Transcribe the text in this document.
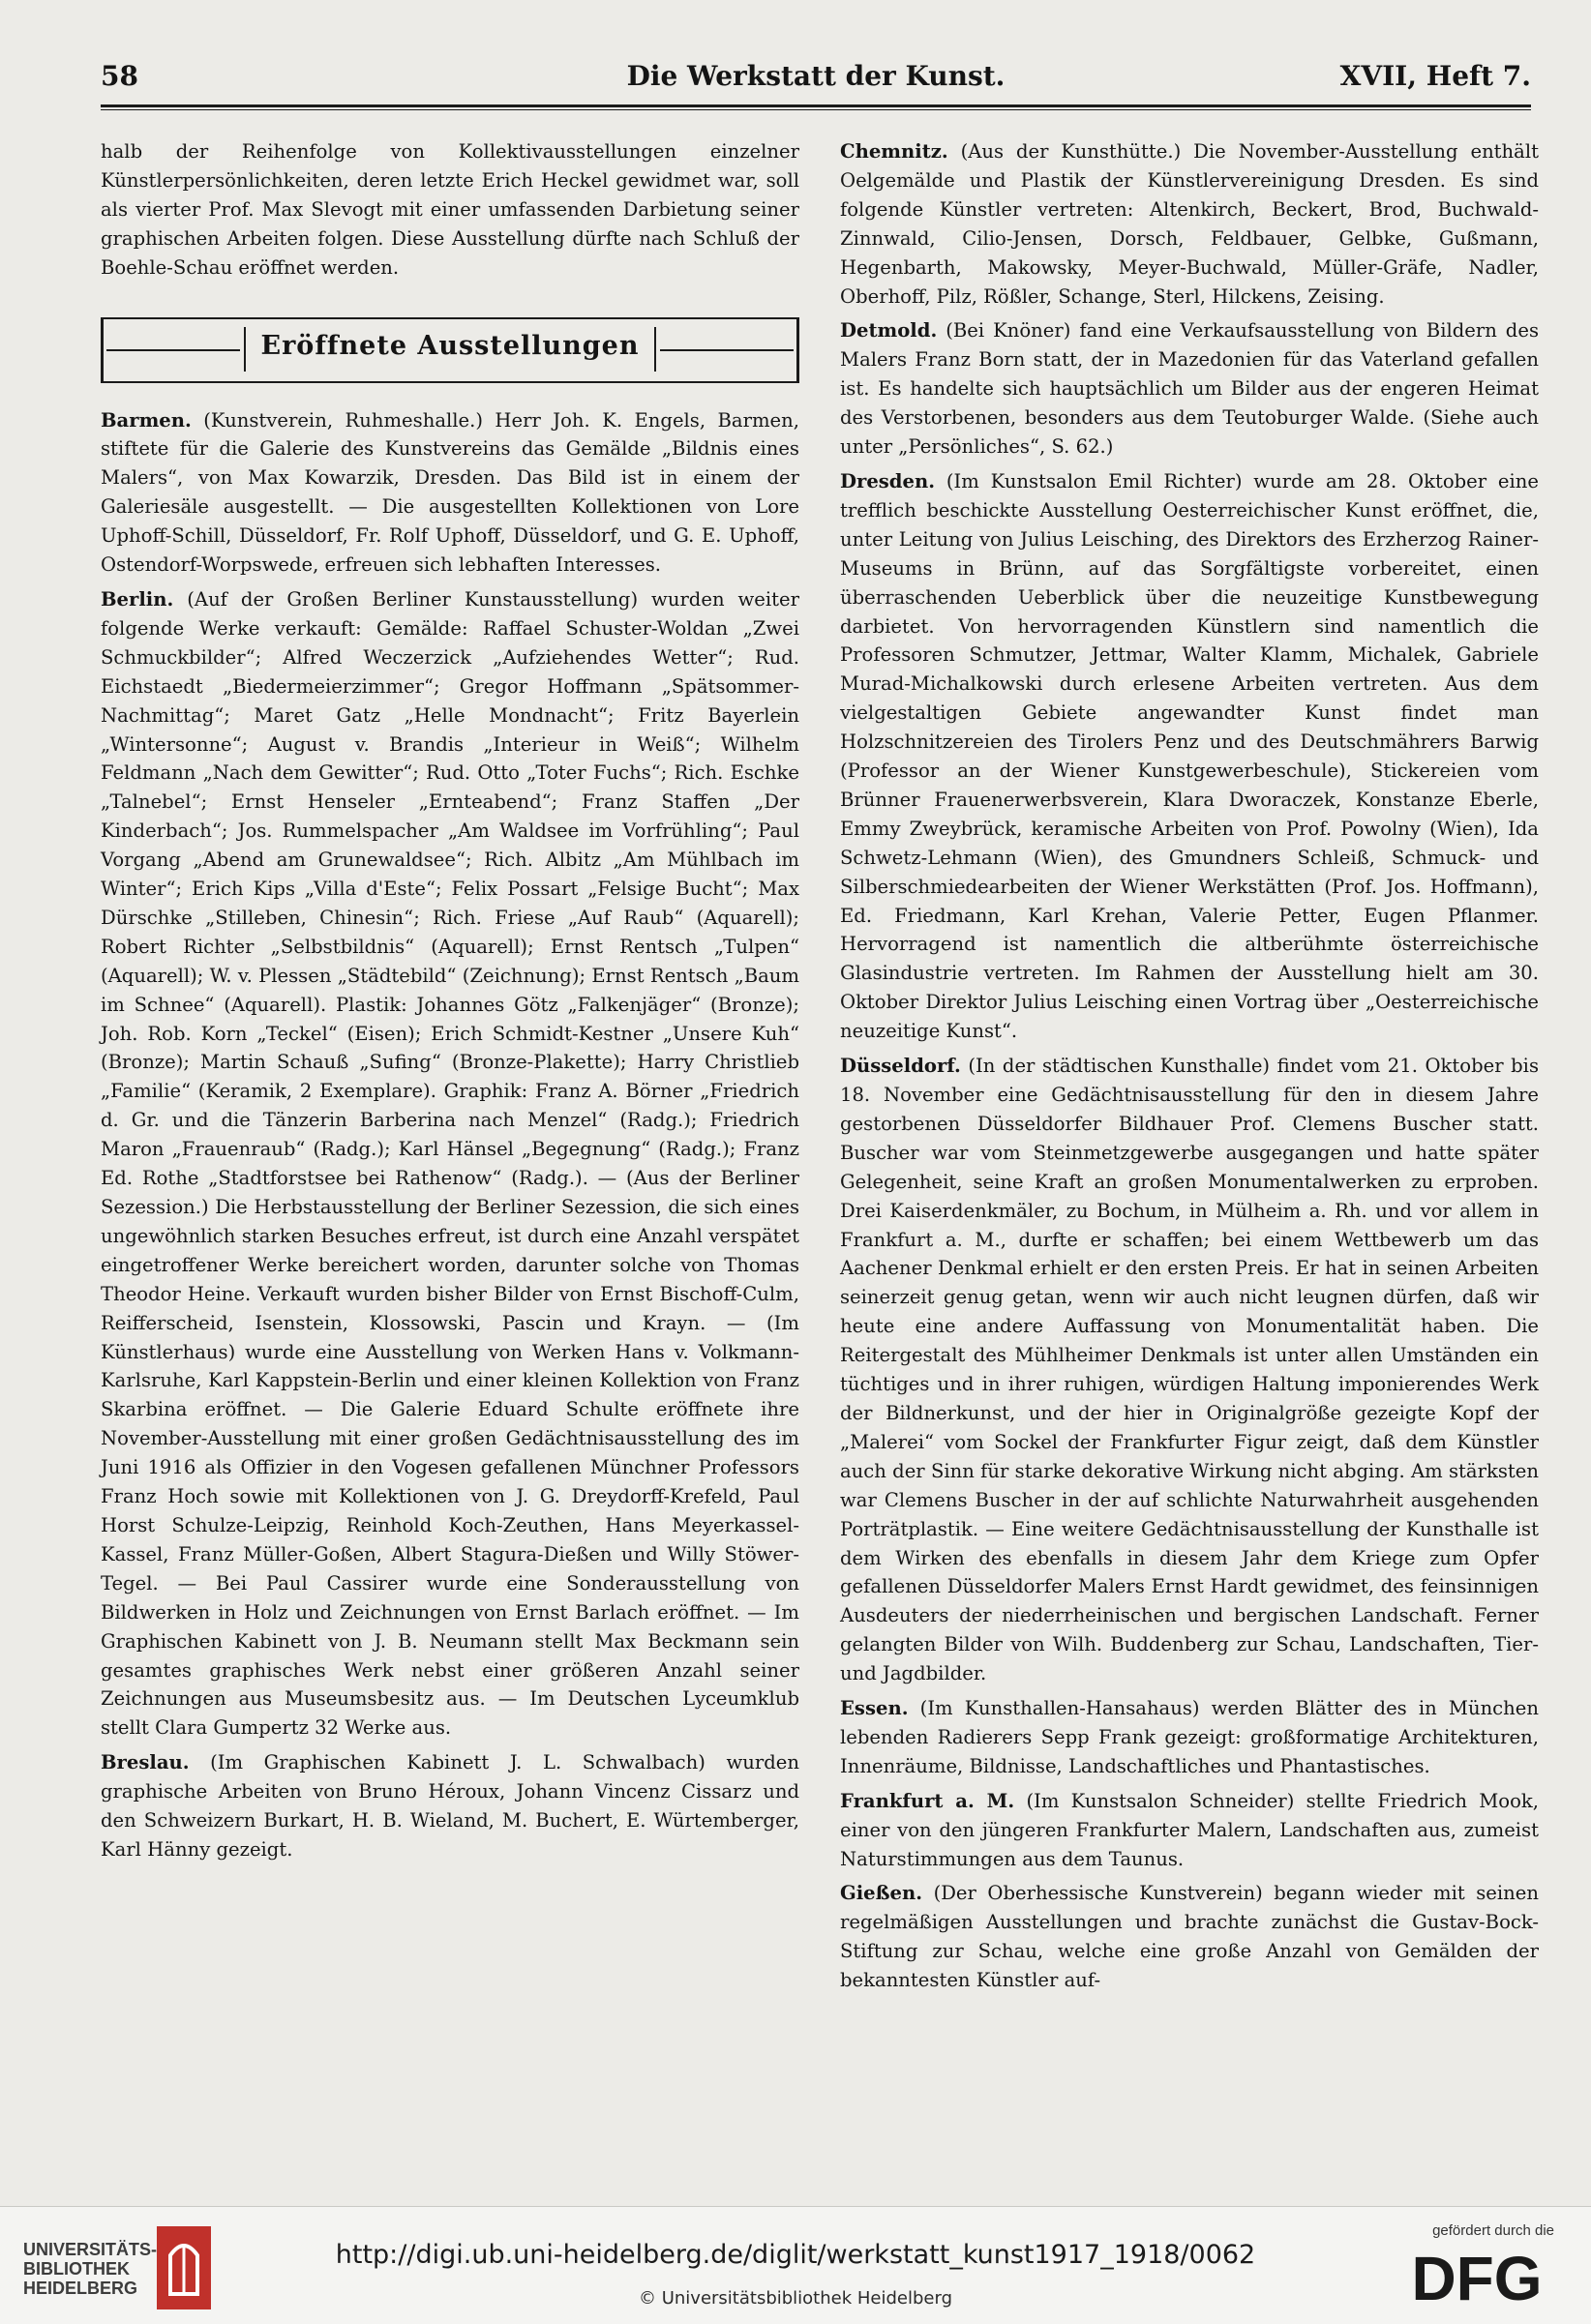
58	Die Werkstatt der Kunst.	XVII, Heft 7.

halb der Reihenfolge von Kollektivausstellungen einzelner Künstlerpersönlichkeiten, deren letzte Erich Heckel gewidmet war, soll als vierter Prof. Max Slevogt mit einer umfassenden Darbietung seiner graphischen Arbeiten folgen. Diese Ausstellung dürfte nach Schluß der Boehle-Schau eröffnet werden.

Eröffnete Ausstellungen

Barmen. (Kunstverein, Ruhmeshalle.) Herr Joh. K. Engels, Barmen, stiftete für die Galerie des Kunstvereins das Gemälde „Bildnis eines Malers“, von Max Kowarzik, Dresden. Das Bild ist in einem der Galeriesäle ausgestellt. — Die ausgestellten Kollektionen von Lore Uphoff-Schill, Düsseldorf, Fr. Rolf Uphoff, Düsseldorf, und G. E. Uphoff, Ostendorf-Worpswede, erfreuen sich lebhaften Interesses.

Berlin. (Auf der Großen Berliner Kunstausstellung) wurden weiter folgende Werke verkauft: Gemälde: Raffael Schuster-Woldan „Zwei Schmuckbilder“; Alfred Weczerzick „Aufziehendes Wetter“; Rud. Eichstaedt „Biedermeierzimmer“; Gregor Hoffmann „Spätsommer-Nachmittag“; Maret Gatz „Helle Mondnacht“; Fritz Bayerlein „Wintersonne“; August v. Brandis „Interieur in Weiß“; Wilhelm Feldmann „Nach dem Gewitter“; Rud. Otto „Toter Fuchs“; Rich. Eschke „Talnebel“; Ernst Henseler „Ernteabend“; Franz Staffen „Der Kinderbach“; Jos. Rummelspacher „Am Waldsee im Vorfrühling“; Paul Vorgang „Abend am Grunewaldsee“; Rich. Albitz „Am Mühlbach im Winter“; Erich Kips „Villa d'Este“; Felix Possart „Felsige Bucht“; Max Dürschke „Stilleben, Chinesin“; Rich. Friese „Auf Raub“ (Aquarell); Robert Richter „Selbstbildnis“ (Aquarell); Ernst Rentsch „Tulpen“ (Aquarell); W. v. Plessen „Städtebild“ (Zeichnung); Ernst Rentsch „Baum im Schnee“ (Aquarell). Plastik: Johannes Götz „Falkenjäger“ (Bronze); Joh. Rob. Korn „Teckel“ (Eisen); Erich Schmidt-Kestner „Unsere Kuh“ (Bronze); Martin Schauß „Sufing“ (Bronze-Plakette); Harry Christlieb „Familie“ (Keramik, 2 Exemplare). Graphik: Franz A. Börner „Friedrich d. Gr. und die Tänzerin Barberina nach Menzel“ (Radg.); Friedrich Maron „Frauenraub“ (Radg.); Karl Hänsel „Begegnung“ (Radg.); Franz Ed. Rothe „Stadtforstsee bei Rathenow“ (Radg.). — (Aus der Berliner Sezession.) Die Herbstausstellung der Berliner Sezession, die sich eines ungewöhnlich starken Besuches erfreut, ist durch eine Anzahl verspätet eingetroffener Werke bereichert worden, darunter solche von Thomas Theodor Heine. Verkauft wurden bisher Bilder von Ernst Bischoff-Culm, Reifferscheid, Isenstein, Klossowski, Pascin und Krayn. — (Im Künstlerhaus) wurde eine Ausstellung von Werken Hans v. Volkmann-Karlsruhe, Karl Kappstein-Berlin und einer kleinen Kollektion von Franz Skarbina eröffnet. — Die Galerie Eduard Schulte eröffnete ihre November-Ausstellung mit einer großen Gedächtnisausstellung des im Juni 1916 als Offizier in den Vogesen gefallenen Münchner Professors Franz Hoch sowie mit Kollektionen von J. G. Dreydorff-Krefeld, Paul Horst Schulze-Leipzig, Reinhold Koch-Zeuthen, Hans Meyerkassel-Kassel, Franz Müller-Goßen, Albert Stagura-Dießen und Willy Stöwer-Tegel. — Bei Paul Cassirer wurde eine Sonderausstellung von Bildwerken in Holz und Zeichnungen von Ernst Barlach eröffnet. — Im Graphischen Kabinett von J. B. Neumann stellt Max Beckmann sein gesamtes graphisches Werk nebst einer größeren Anzahl seiner Zeichnungen aus Museumsbesitz aus. — Im Deutschen Lyceumklub stellt Clara Gumpertz 32 Werke aus.

Breslau. (Im Graphischen Kabinett J. L. Schwalbach) wurden graphische Arbeiten von Bruno Héroux, Johann Vincenz Cissarz und den Schweizern Burkart, H. B. Wieland, M. Buchert, E. Würtemberger, Karl Hänny gezeigt.

Chemnitz. (Aus der Kunsthütte.) Die November-Ausstellung enthält Oelgemälde und Plastik der Künstlervereinigung Dresden. Es sind folgende Künstler vertreten: Altenkirch, Beckert, Brod, Buchwald-Zinnwald, Cilio-Jensen, Dorsch, Feldbauer, Gelbke, Gußmann, Hegenbarth, Makowsky, Meyer-Buchwald, Müller-Gräfe, Nadler, Oberhoff, Pilz, Rößler, Schange, Sterl, Hilckens, Zeising.

Detmold. (Bei Knöner) fand eine Verkaufsausstellung von Bildern des Malers Franz Born statt, der in Mazedonien für das Vaterland gefallen ist. Es handelte sich hauptsächlich um Bilder aus der engeren Heimat des Verstorbenen, besonders aus dem Teutoburger Walde. (Siehe auch unter „Persönliches“, S. 62.)

Dresden. (Im Kunstsalon Emil Richter) wurde am 28. Oktober eine trefflich beschickte Ausstellung Oesterreichischer Kunst eröffnet, die, unter Leitung von Julius Leisching, des Direktors des Erzherzog Rainer-Museums in Brünn, auf das Sorgfältigste vorbereitet, einen überraschenden Ueberblick über die neuzeitige Kunstbewegung darbietet. Von hervorragenden Künstlern sind namentlich die Professoren Schmutzer, Jettmar, Walter Klamm, Michalek, Gabriele Murad-Michalkowski durch erlesene Arbeiten vertreten. Aus dem vielgestaltigen Gebiete angewandter Kunst findet man Holzschnitzereien des Tirolers Penz und des Deutschmährers Barwig (Professor an der Wiener Kunstgewerbeschule), Stickereien vom Brünner Frauenerwerbsverein, Klara Dworaczek, Konstanze Eberle, Emmy Zweybrück, keramische Arbeiten von Prof. Powolny (Wien), Ida Schwetz-Lehmann (Wien), des Gmundners Schleiß, Schmuck- und Silberschmiedearbeiten der Wiener Werkstätten (Prof. Jos. Hoffmann), Ed. Friedmann, Karl Krehan, Valerie Petter, Eugen Pflanmer. Hervorragend ist namentlich die altberühmte österreichische Glasindustrie vertreten. Im Rahmen der Ausstellung hielt am 30. Oktober Direktor Julius Leisching einen Vortrag über „Oesterreichische neuzeitige Kunst“.

Düsseldorf. (In der städtischen Kunsthalle) findet vom 21. Oktober bis 18. November eine Gedächtnisausstellung für den in diesem Jahre gestorbenen Düsseldorfer Bildhauer Prof. Clemens Buscher statt. Buscher war vom Steinmetzgewerbe ausgegangen und hatte später Gelegenheit, seine Kraft an großen Monumentalwerken zu erproben. Drei Kaiserdenkmäler, zu Bochum, in Mülheim a. Rh. und vor allem in Frankfurt a. M., durfte er schaffen; bei einem Wettbewerb um das Aachener Denkmal erhielt er den ersten Preis. Er hat in seinen Arbeiten seinerzeit genug getan, wenn wir auch nicht leugnen dürfen, daß wir heute eine andere Auffassung von Monumentalität haben. Die Reitergestalt des Mühlheimer Denkmals ist unter allen Umständen ein tüchtiges und in ihrer ruhigen, würdigen Haltung imponierendes Werk der Bildnerkunst, und der hier in Originalgröße gezeigte Kopf der „Malerei“ vom Sockel der Frankfurter Figur zeigt, daß dem Künstler auch der Sinn für starke dekorative Wirkung nicht abging. Am stärksten war Clemens Buscher in der auf schlichte Naturwahrheit ausgehenden Porträtplastik. — Eine weitere Gedächtnisausstellung der Kunsthalle ist dem Wirken des ebenfalls in diesem Jahr dem Kriege zum Opfer gefallenen Düsseldorfer Malers Ernst Hardt gewidmet, des feinsinnigen Ausdeuters der niederrheinischen und bergischen Landschaft. Ferner gelangten Bilder von Wilh. Buddenberg zur Schau, Landschaften, Tier- und Jagdbilder.

Essen. (Im Kunsthallen-Hansahaus) werden Blätter des in München lebenden Radierers Sepp Frank gezeigt: großformatige Architekturen, Innenräume, Bildnisse, Landschaftliches und Phantastisches.

Frankfurt a. M. (Im Kunstsalon Schneider) stellte Friedrich Mook, einer von den jüngeren Frankfurter Malern, Landschaften aus, zumeist Naturstimmungen aus dem Taunus.

Gießen. (Der Oberhessische Kunstverein) begann wieder mit seinen regelmäßigen Ausstellungen und brachte zunächst die Gustav-Bock-Stiftung zur Schau, welche eine große Anzahl von Gemälden der bekanntesten Künstler auf-

UNIVERSITÄTS-
BIBLIOTHEK
HEIDELBERG
http://digi.ub.uni-heidelberg.de/diglit/werkstatt_kunst1917_1918/0062
© Universitätsbibliothek Heidelberg
gefördert durch die
DFG
